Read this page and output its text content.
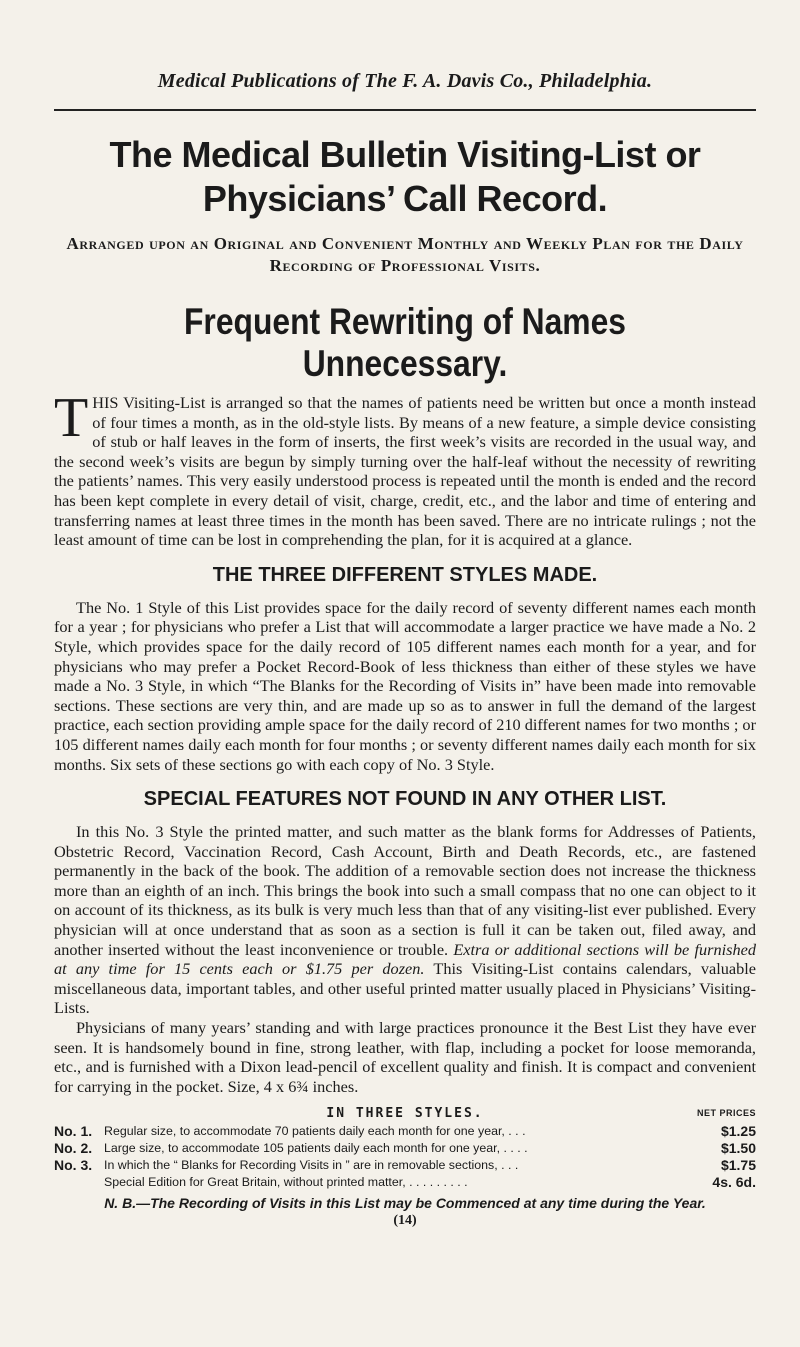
Medical Publications of The F. A. Davis Co., Philadelphia.
The Medical Bulletin Visiting-List or Physicians’ Call Record.
Arranged upon an Original and Convenient Monthly and Weekly Plan for the Daily Recording of Professional Visits.
Frequent Rewriting of Names Unnecessary.

THIS Visiting-List is arranged so that the names of patients need be written but once a month instead of four times a month, as in the old-style lists. By means of a new feature, a simple device consisting of stub or half leaves in the form of inserts, the first week’s visits are recorded in the usual way, and the second week’s visits are begun by simply turning over the half-leaf without the necessity of rewriting the patients’ names. This very easily understood process is repeated until the month is ended and the record has been kept complete in every detail of visit, charge, credit, etc., and the labor and time of entering and transferring names at least three times in the month has been saved. There are no intricate rulings ; not the least amount of time can be lost in comprehending the plan, for it is acquired at a glance.

THE THREE DIFFERENT STYLES MADE.

The No. 1 Style of this List provides space for the daily record of seventy different names each month for a year ; for physicians who prefer a List that will accommodate a larger practice we have made a No. 2 Style, which provides space for the daily record of 105 different names each month for a year, and for physicians who may prefer a Pocket Record-Book of less thickness than either of these styles we have made a No. 3 Style, in which “The Blanks for the Recording of Visits in” have been made into removable sections. These sections are very thin, and are made up so as to answer in full the demand of the largest practice, each section providing ample space for the daily record of 210 different names for two months ; or 105 different names daily each month for four months ; or seventy different names daily each month for six months. Six sets of these sections go with each copy of No. 3 Style.

SPECIAL FEATURES NOT FOUND IN ANY OTHER LIST.

In this No. 3 Style the printed matter, and such matter as the blank forms for Addresses of Patients, Obstetric Record, Vaccination Record, Cash Account, Birth and Death Records, etc., are fastened permanently in the back of the book. The addition of a removable section does not increase the thickness more than an eighth of an inch. This brings the book into such a small compass that no one can object to it on account of its thickness, as its bulk is very much less than that of any visiting-list ever published. Every physician will at once understand that as soon as a section is full it can be taken out, filed away, and another inserted without the least inconvenience or trouble. Extra or additional sections will be furnished at any time for 15 cents each or $1.75 per dozen. This Visiting-List contains calendars, valuable miscellaneous data, important tables, and other useful printed matter usually placed in Physicians’ Visiting-Lists.

Physicians of many years’ standing and with large practices pronounce it the Best List they have ever seen. It is handsomely bound in fine, strong leather, with flap, including a pocket for loose memoranda, etc., and is furnished with a Dixon lead-pencil of excellent quality and finish. It is compact and convenient for carrying in the pocket. Size, 4 x 6¾ inches.

IN THREE STYLES.	NET PRICES
No. 1. Regular size, to accommodate 70 patients daily each month for one year, . . .	$1.25
No. 2. Large size, to accommodate 105 patients daily each month for one year, . . . .	$1.50
No. 3. In which the “ Blanks for Recording Visits in ” are in removable sections, . . .	$1.75
Special Edition for Great Britain, without printed matter, . . . . . . . . .	4s. 6d.
N. B.—The Recording of Visits in this List may be Commenced at any time during the Year.
(14)
